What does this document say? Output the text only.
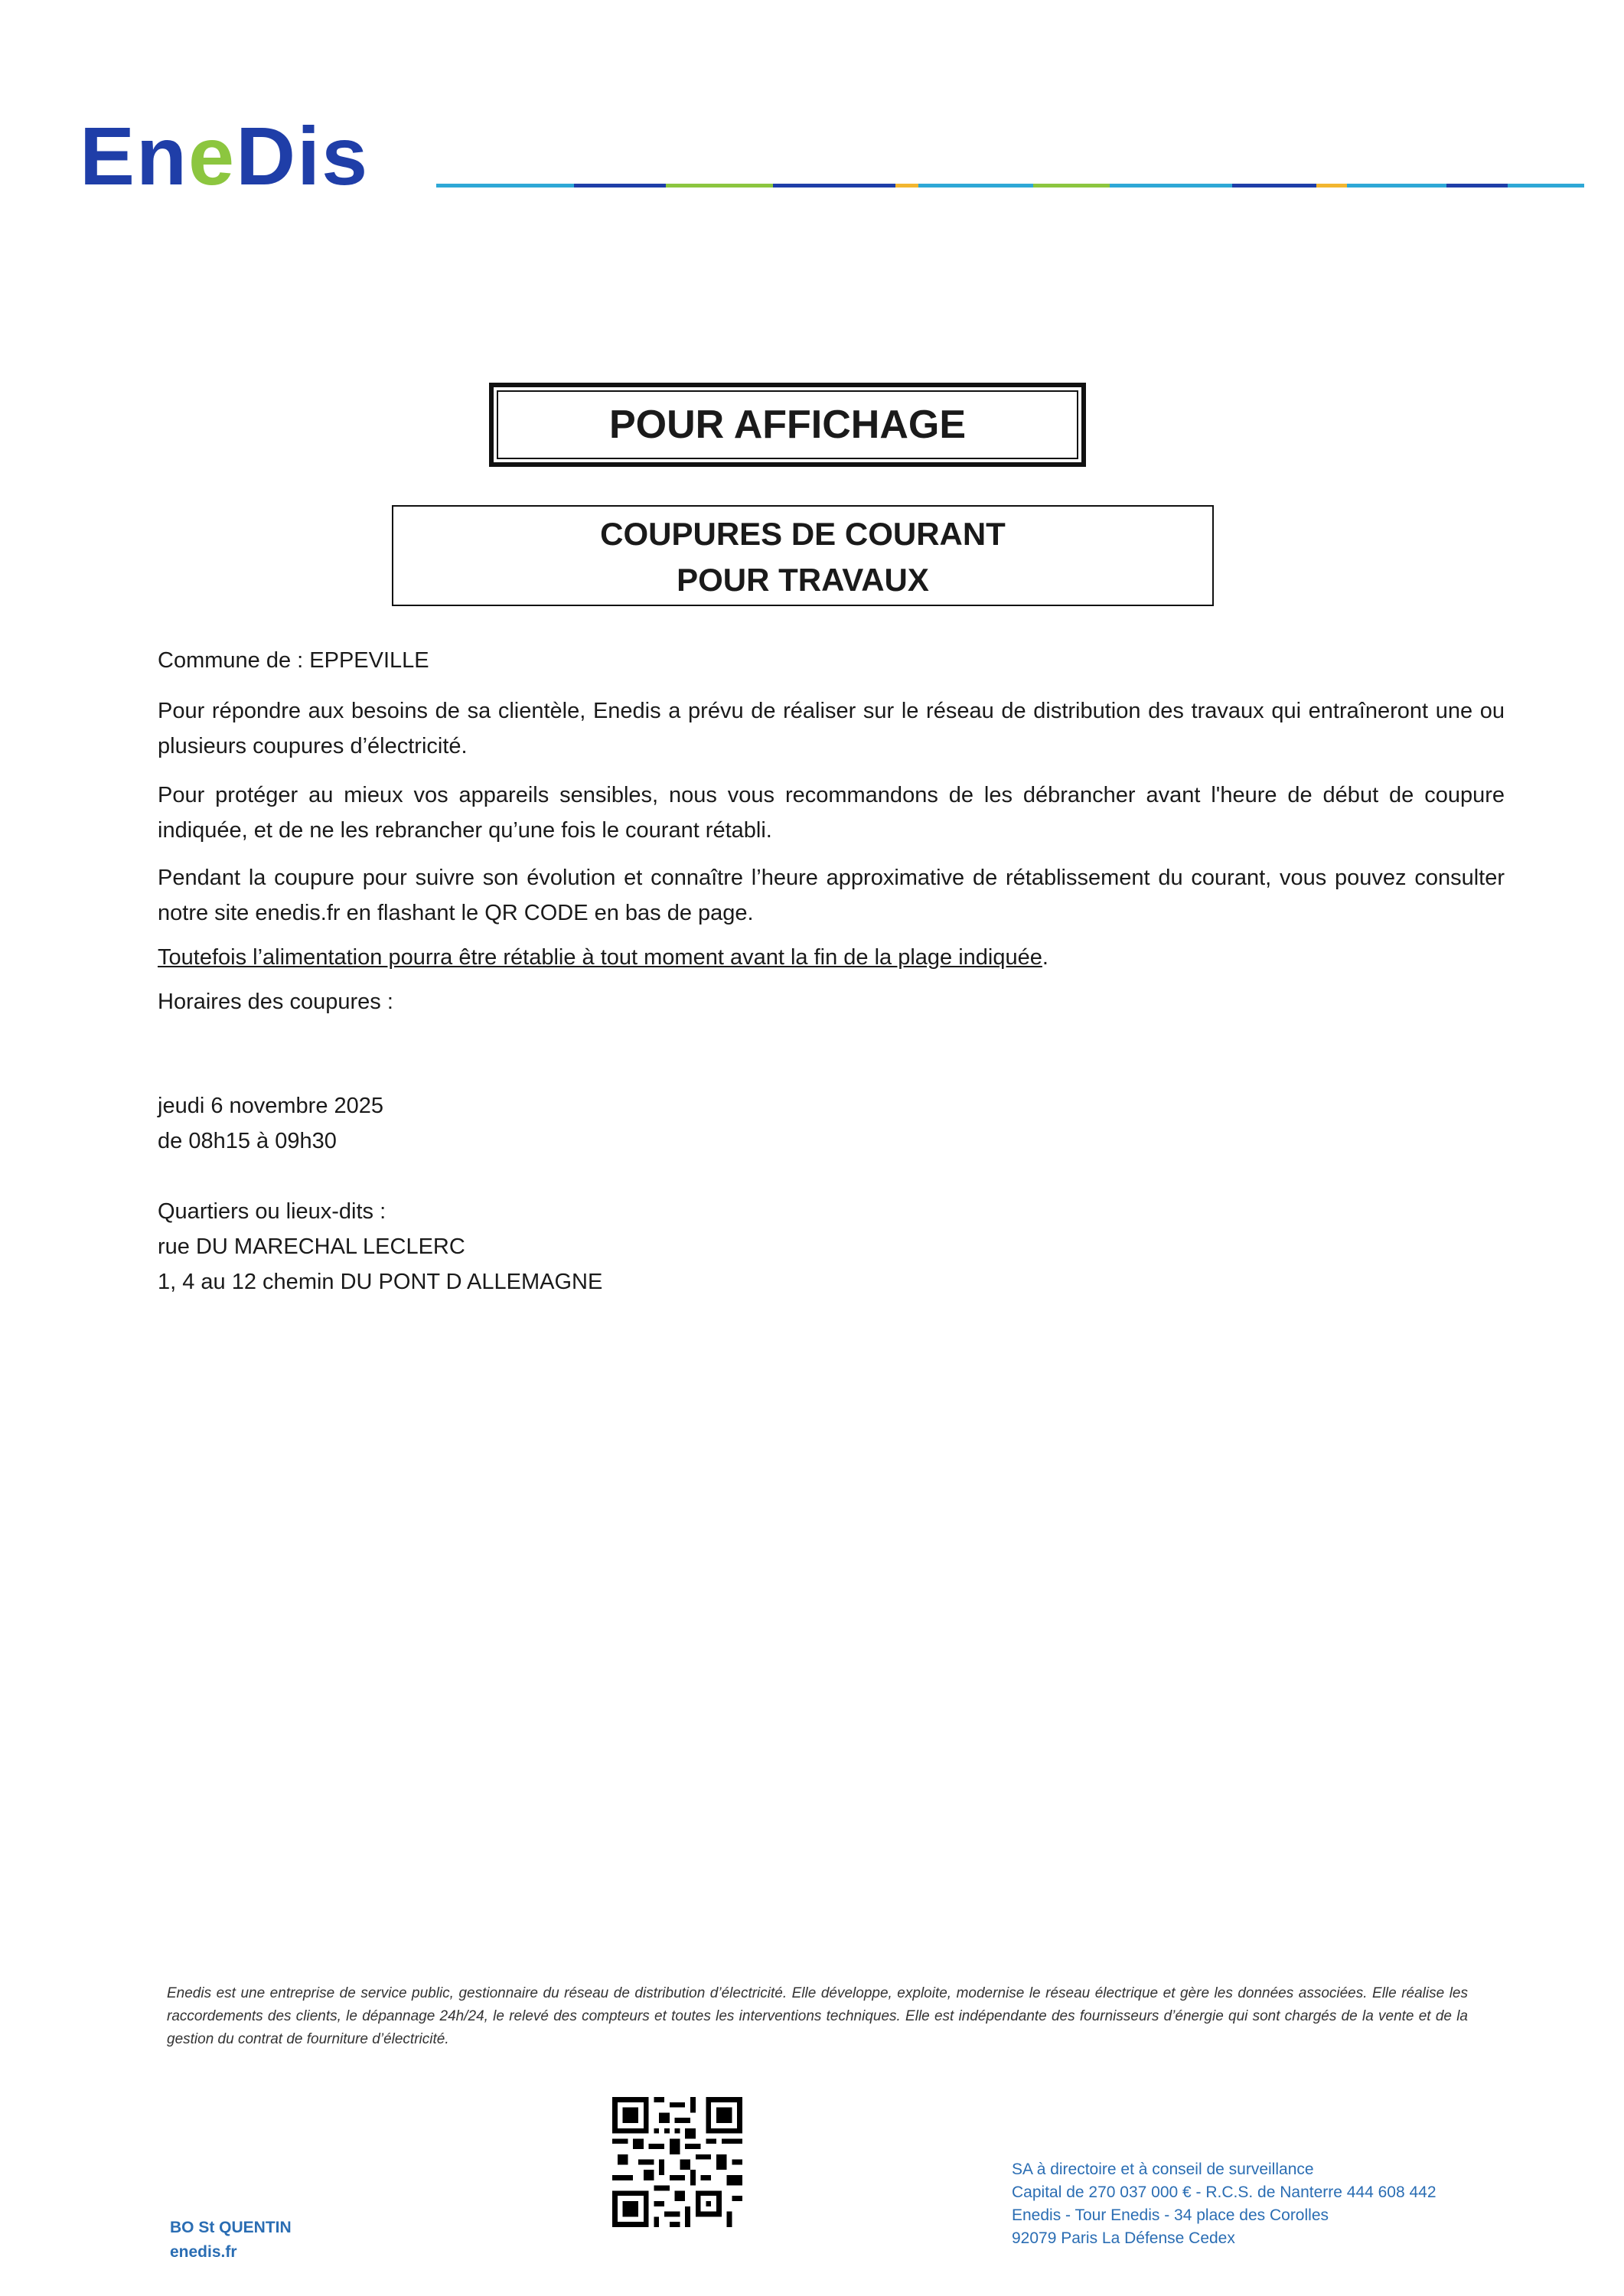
EneDis
POUR AFFICHAGE
COUPURES DE COURANT
POUR TRAVAUX

Commune de : EPPEVILLE

Pour répondre aux besoins de sa clientèle, Enedis a prévu de réaliser sur le réseau de distribution des travaux qui entraîneront une ou plusieurs coupures d’électricité.

Pour protéger au mieux vos appareils sensibles, nous vous recommandons de les débrancher avant l'heure de début de coupure indiquée, et de ne les rebrancher qu’une fois le courant rétabli.

Pendant la coupure pour suivre son évolution et connaître l’heure approximative de rétablissement du courant, vous pouvez consulter notre site enedis.fr en flashant le QR CODE en bas de page.

Toutefois l’alimentation pourra être rétablie à tout moment avant la fin de la plage indiquée.

Horaires des coupures :

jeudi 6 novembre 2025

de 08h15 à 09h30

Quartiers ou lieux-dits :

rue DU MARECHAL LECLERC

1, 4 au 12 chemin DU PONT D ALLEMAGNE

Enedis est une entreprise de service public, gestionnaire du réseau de distribution d’électricité. Elle développe, exploite, modernise le réseau électrique et gère les données associées. Elle réalise les raccordements des clients, le dépannage 24h/24, le relevé des compteurs et toutes les interventions techniques. Elle est indépendante des fournisseurs d’énergie qui sont chargés de la vente et de la gestion du contrat de fourniture d’électricité.
BO St QUENTIN
enedis.fr
SA à directoire et à conseil de surveillance
Capital de 270 037 000 € - R.C.S. de Nanterre 444 608 442
Enedis - Tour Enedis - 34 place des Corolles
92079 Paris La Défense Cedex
